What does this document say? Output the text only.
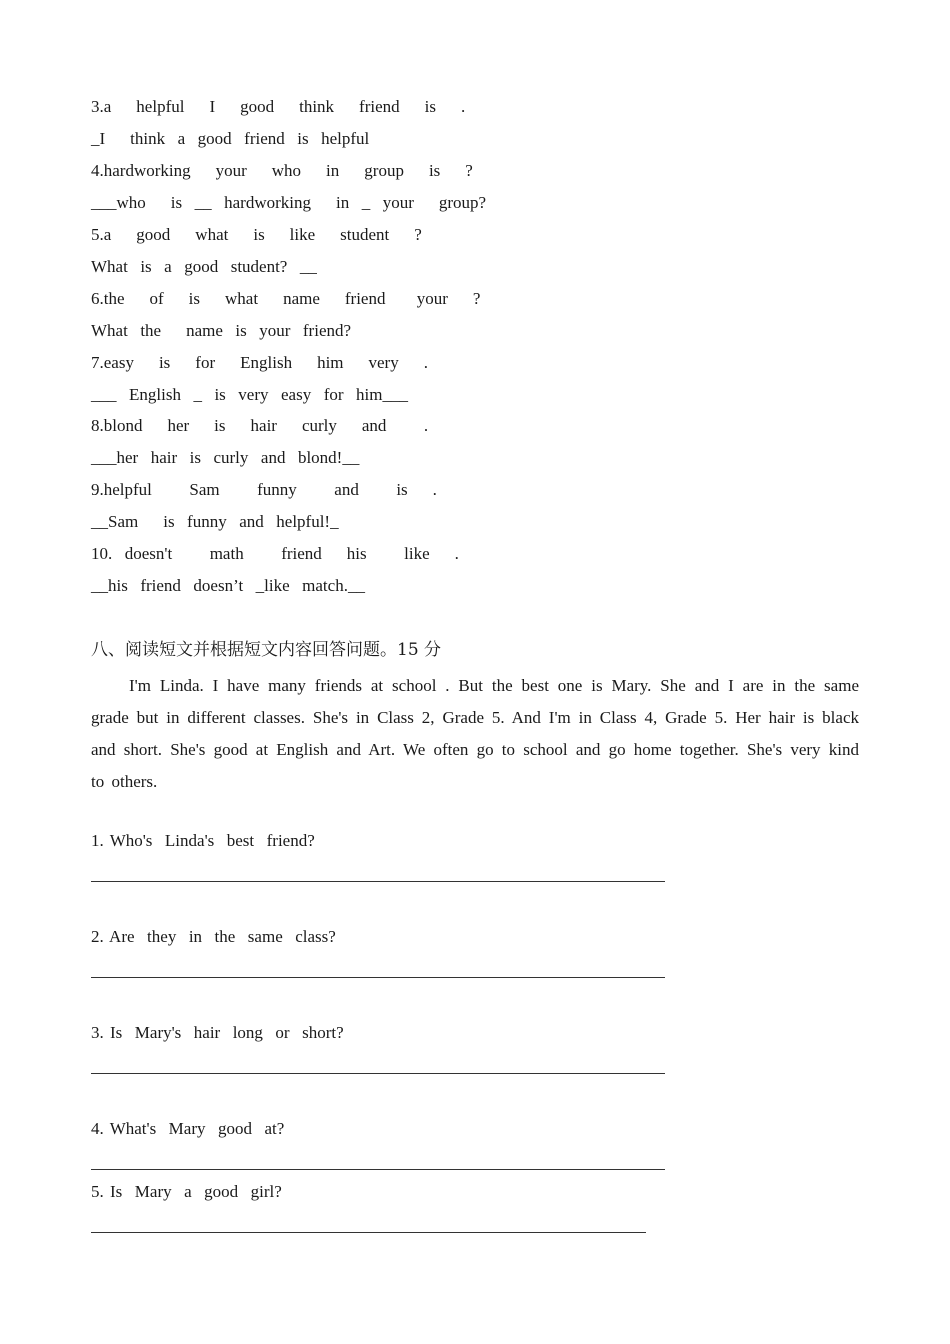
3.a    helpful    I    good    think    friend    is    .
_I    think  a  good  friend  is  helpful
4.hardworking    your    who    in    group    is    ?
___who    is  __  hardworking    in  _  your    group?
5.a    good    what    is    like    student    ?
What  is  a  good  student?  __
6.the    of    is    what    name    friend     your    ?
What  the    name  is  your  friend?
7.easy    is    for    English    him    very    .
___  English  _  is  very  easy  for  him___
8.blond    her    is    hair    curly    and      .
___her  hair  is  curly  and  blond!__
9.helpful      Sam      funny      and      is    .
__Sam    is  funny  and  helpful!_
10.  doesn't      math      friend    his      like    .
__his  friend  doesn’t  _like  match.__
八、阅读短文并根据短文内容回答问题。15 分
I'm Linda. I have many friends at school . But the best one is Mary. She and I are in the same grade but in different classes. She's in Class 2, Grade 5. And I'm in Class 4, Grade 5. Her hair is black and short. She's good at English and Art. We often go to school and go home together. She's very kind to others.
1. Who's  Linda's  best  friend?
2. Are  they  in  the  same  class?
3. Is  Mary's  hair  long  or  short?
4. What's  Mary  good  at?
5. Is  Mary  a  good  girl?
